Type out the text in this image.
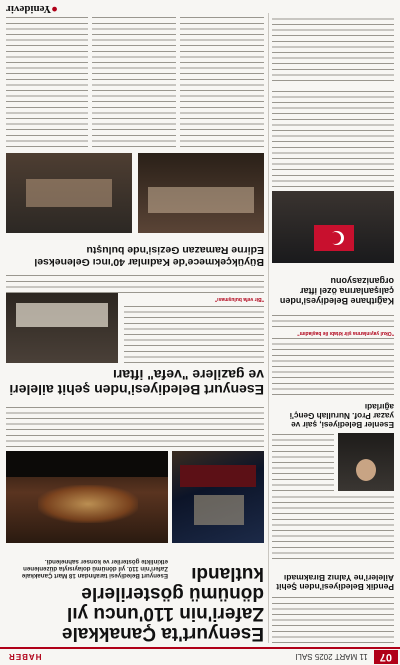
07
11 MART 2025 SALI
HABER
Esenyurt'ta Çanakkale Zaferi'nin 110'uncu yıl dönümü gösterilerle kutlandı
Esenyurt Belediyesi tarafından 18 Mart Çanakkale Zaferi'nin 110. yıl dönümü dolayısıyla düzenlenen etkinlikte gösteriler ve konser sahnelendi.
Pendik Belediyesi'nden Şehit Aileleri'ne Yalnız Bırakmadı
Esenler Belediyesi, şair ve yazar Prof. Nurullah Genç'i ağırladı
"Okul yayınlarına şiir kitabı ile başladım"
Esenyurt Belediyesi'nden şehit aileleri ve gazilere "vefa" iftarı
"Bir vefa buluşması"	Kağıthane Belediyesi'nden çalışanlarına özel iftar organizasyonu
Büyükçekmece'de Kadınlar 40'ıncı Geleneksel Edirne Ramazan Gezisi'nde buluştu
●Yenidevir
